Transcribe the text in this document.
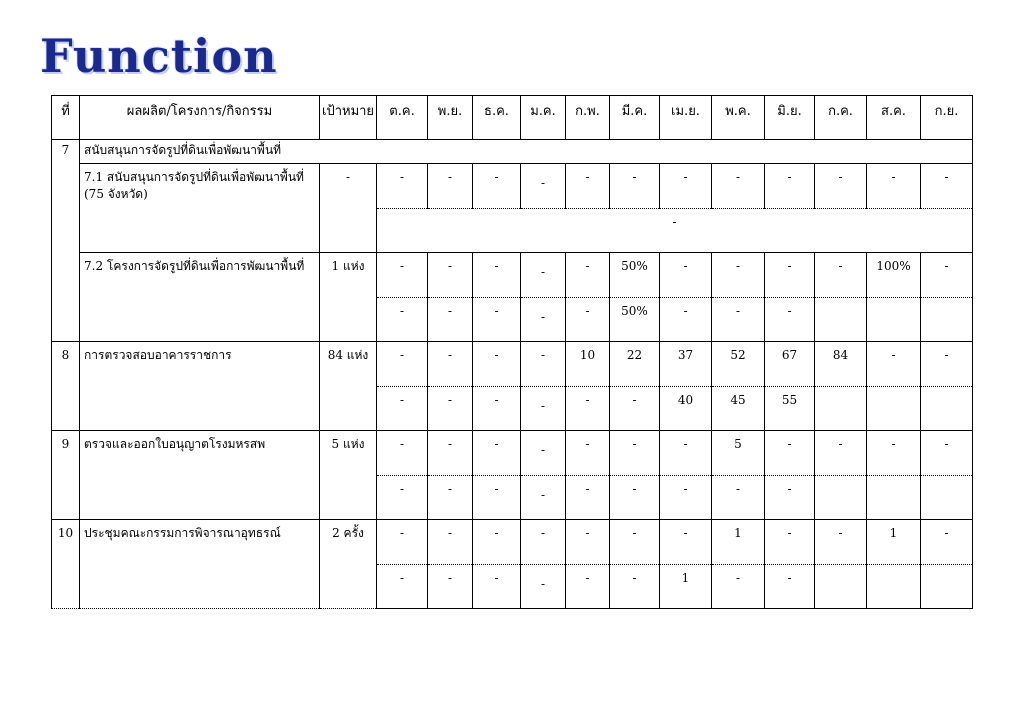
Function
ที่	ผลผลิต/โครงการ/กิจกรรม	เป้าหมาย	ต.ค.	พ.ย.	ธ.ค.	ม.ค.	ก.พ.	มี.ค.	เม.ย.	พ.ค.	มิ.ย.	ก.ค.	ส.ค.	ก.ย.
7	สนับสนุนการจัดรูปที่ดินเพื่อพัฒนาพื้นที่													
	7.1 สนับสนุนการจัดรูปที่ดินเพื่อพัฒนาพื้นที่ (75 จังหวัด)	-	-	-	-	-	-	-	-	-	-	-	-	-
			-											
	7.2 โครงการจัดรูปที่ดินเพื่อการพัฒนาพื้นที่	1 แห่ง	-	-	-	-	-	50%	-	-	-	-	100%	-
			-	-	-	-	-	50%	-	-	-			
8	การตรวจสอบอาคารราชการ	84 แห่ง	-	-	-	-	10	22	37	52	67	84	-	-
			-	-	-	-	-	-	40	45	55			
9	ตรวจและออกใบอนุญาตโรงมหรสพ	5 แห่ง	-	-	-	-	-	-	-	5	-	-	-	-
			-	-	-	-	-	-	-	-	-			
10	ประชุมคณะกรรมการพิจารณาอุทธรณ์	2 ครั้ง	-	-	-	-	-	-	-	1	-	-	1	-
			-	-	-	-	-	-	1	-	-			
